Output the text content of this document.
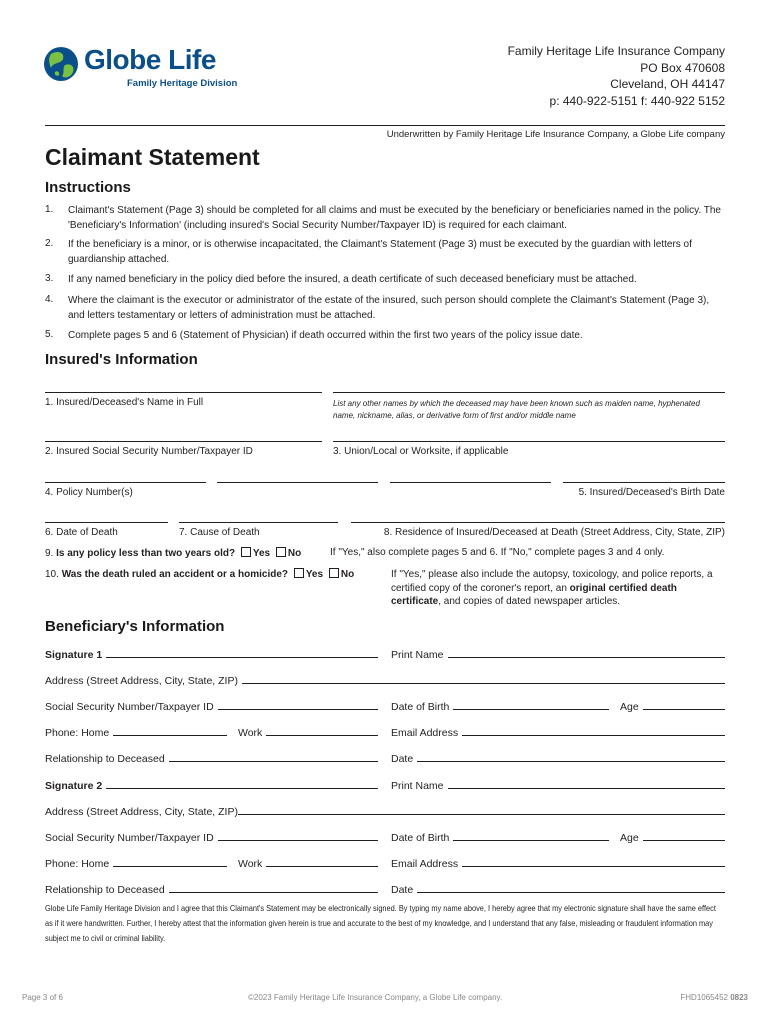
Globe Life
Family Heritage Division
Family Heritage Life Insurance Company
PO Box 470608
Cleveland, OH 44147
p: 440-922-5151 f: 440-922 5152
Underwritten by Family Heritage Life Insurance Company, a Globe Life company
Claimant Statement
Instructions
1. Claimant's Statement (Page 3) should be completed for all claims and must be executed by the beneficiary or beneficiaries named in the policy. The 'Beneficiary's Information' (including insured's Social Security Number/Taxpayer ID) is required for each claimant.
2. If the beneficiary is a minor, or is otherwise incapacitated, the Claimant's Statement (Page 3) must be executed by the guardian with letters of guardianship attached.
3. If any named beneficiary in the policy died before the insured, a death certificate of such deceased beneficiary must be attached.
4. Where the claimant is the executor or administrator of the estate of the insured, such person should complete the Claimant's Statement (Page 3), and letters testamentary or letters of administration must be attached.
5. Complete pages 5 and 6 (Statement of Physician) if death occurred within the first two years of the policy issue date.
Insured's Information
1. Insured/Deceased's Name in Full	List any other names by which the deceased may have been known such as maiden name, hyphenated name, nickname, alias, or derivative form of first and/or middle name
2. Insured Social Security Number/Taxpayer ID	3. Union/Local or Worksite, if applicable
4. Policy Number(s)	5. Insured/Deceased's Birth Date
6. Date of Death	7. Cause of Death	8. Residence of Insured/Deceased at Death (Street Address, City, State, ZIP)
9. Is any policy less than two years old? Yes No	If "Yes," also complete pages 5 and 6. If "No," complete pages 3 and 4 only.
10. Was the death ruled an accident or a homicide? Yes No	If "Yes," please also include the autopsy, toxicology, and police reports, a certified copy of the coroner's report, an original certified death certificate, and copies of dated newspaper articles.
Beneficiary's Information
Signature 1	Print Name
Address (Street Address, City, State, ZIP)
Social Security Number/Taxpayer ID	Date of Birth	Age
Phone: Home	Work	Email Address
Relationship to Deceased	Date
Signature 2	Print Name
Address (Street Address, City, State, ZIP)
Social Security Number/Taxpayer ID	Date of Birth	Age
Phone: Home	Work	Email Address
Relationship to Deceased	Date
Globe Life Family Heritage Division and I agree that this Claimant's Statement may be electronically signed. By typing my name above, I hereby agree that my electronic signature shall have the same effect as if it were handwritten. Further, I hereby attest that the information given herein is true and accurate to the best of my knowledge, and I understand that any false, misleading or fraudulent information may subject me to civil or criminal liability.
Page 3 of 6	©2023 Family Heritage Life Insurance Company, a Globe Life company.	FHD1065452 0823
